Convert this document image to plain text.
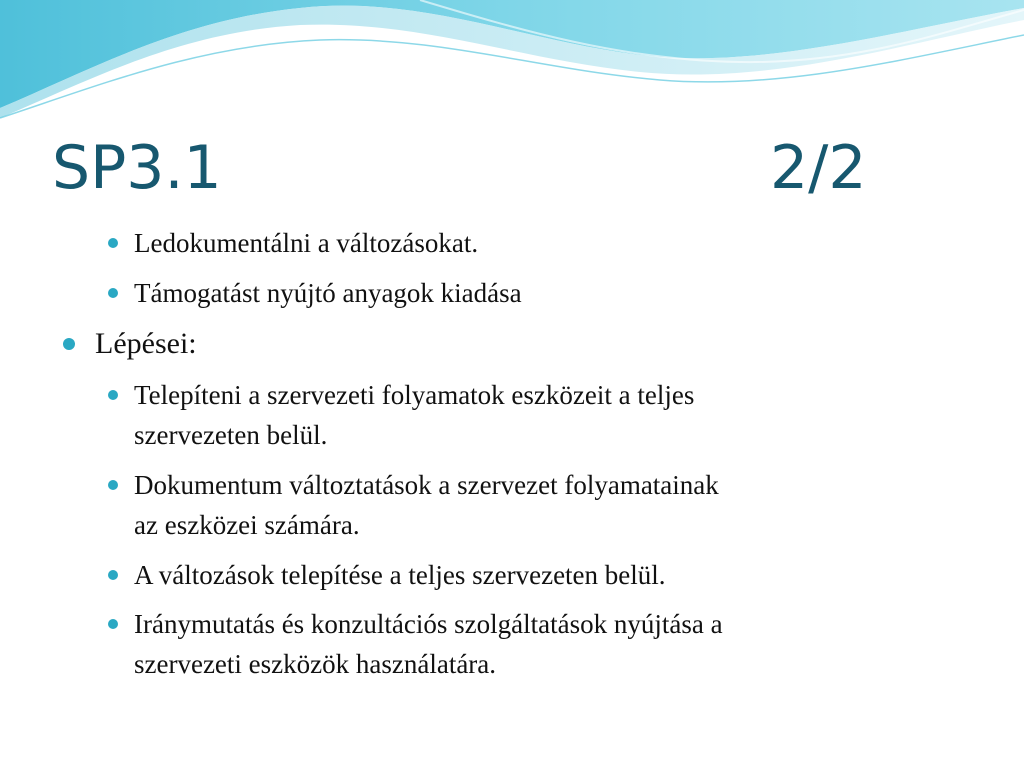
SP3.1	2/2
Ledokumentálni a változásokat.
Támogatást nyújtó anyagok kiadása
Lépései:
Telepíteni a szervezeti folyamatok eszközeit a teljes
szervezeten belül.
Dokumentum változtatások a szervezet folyamatainak
az eszközei számára.
A változások telepítése a teljes szervezeten belül.
Iránymutatás és konzultációs szolgáltatások nyújtása a
szervezeti eszközök használatára.
